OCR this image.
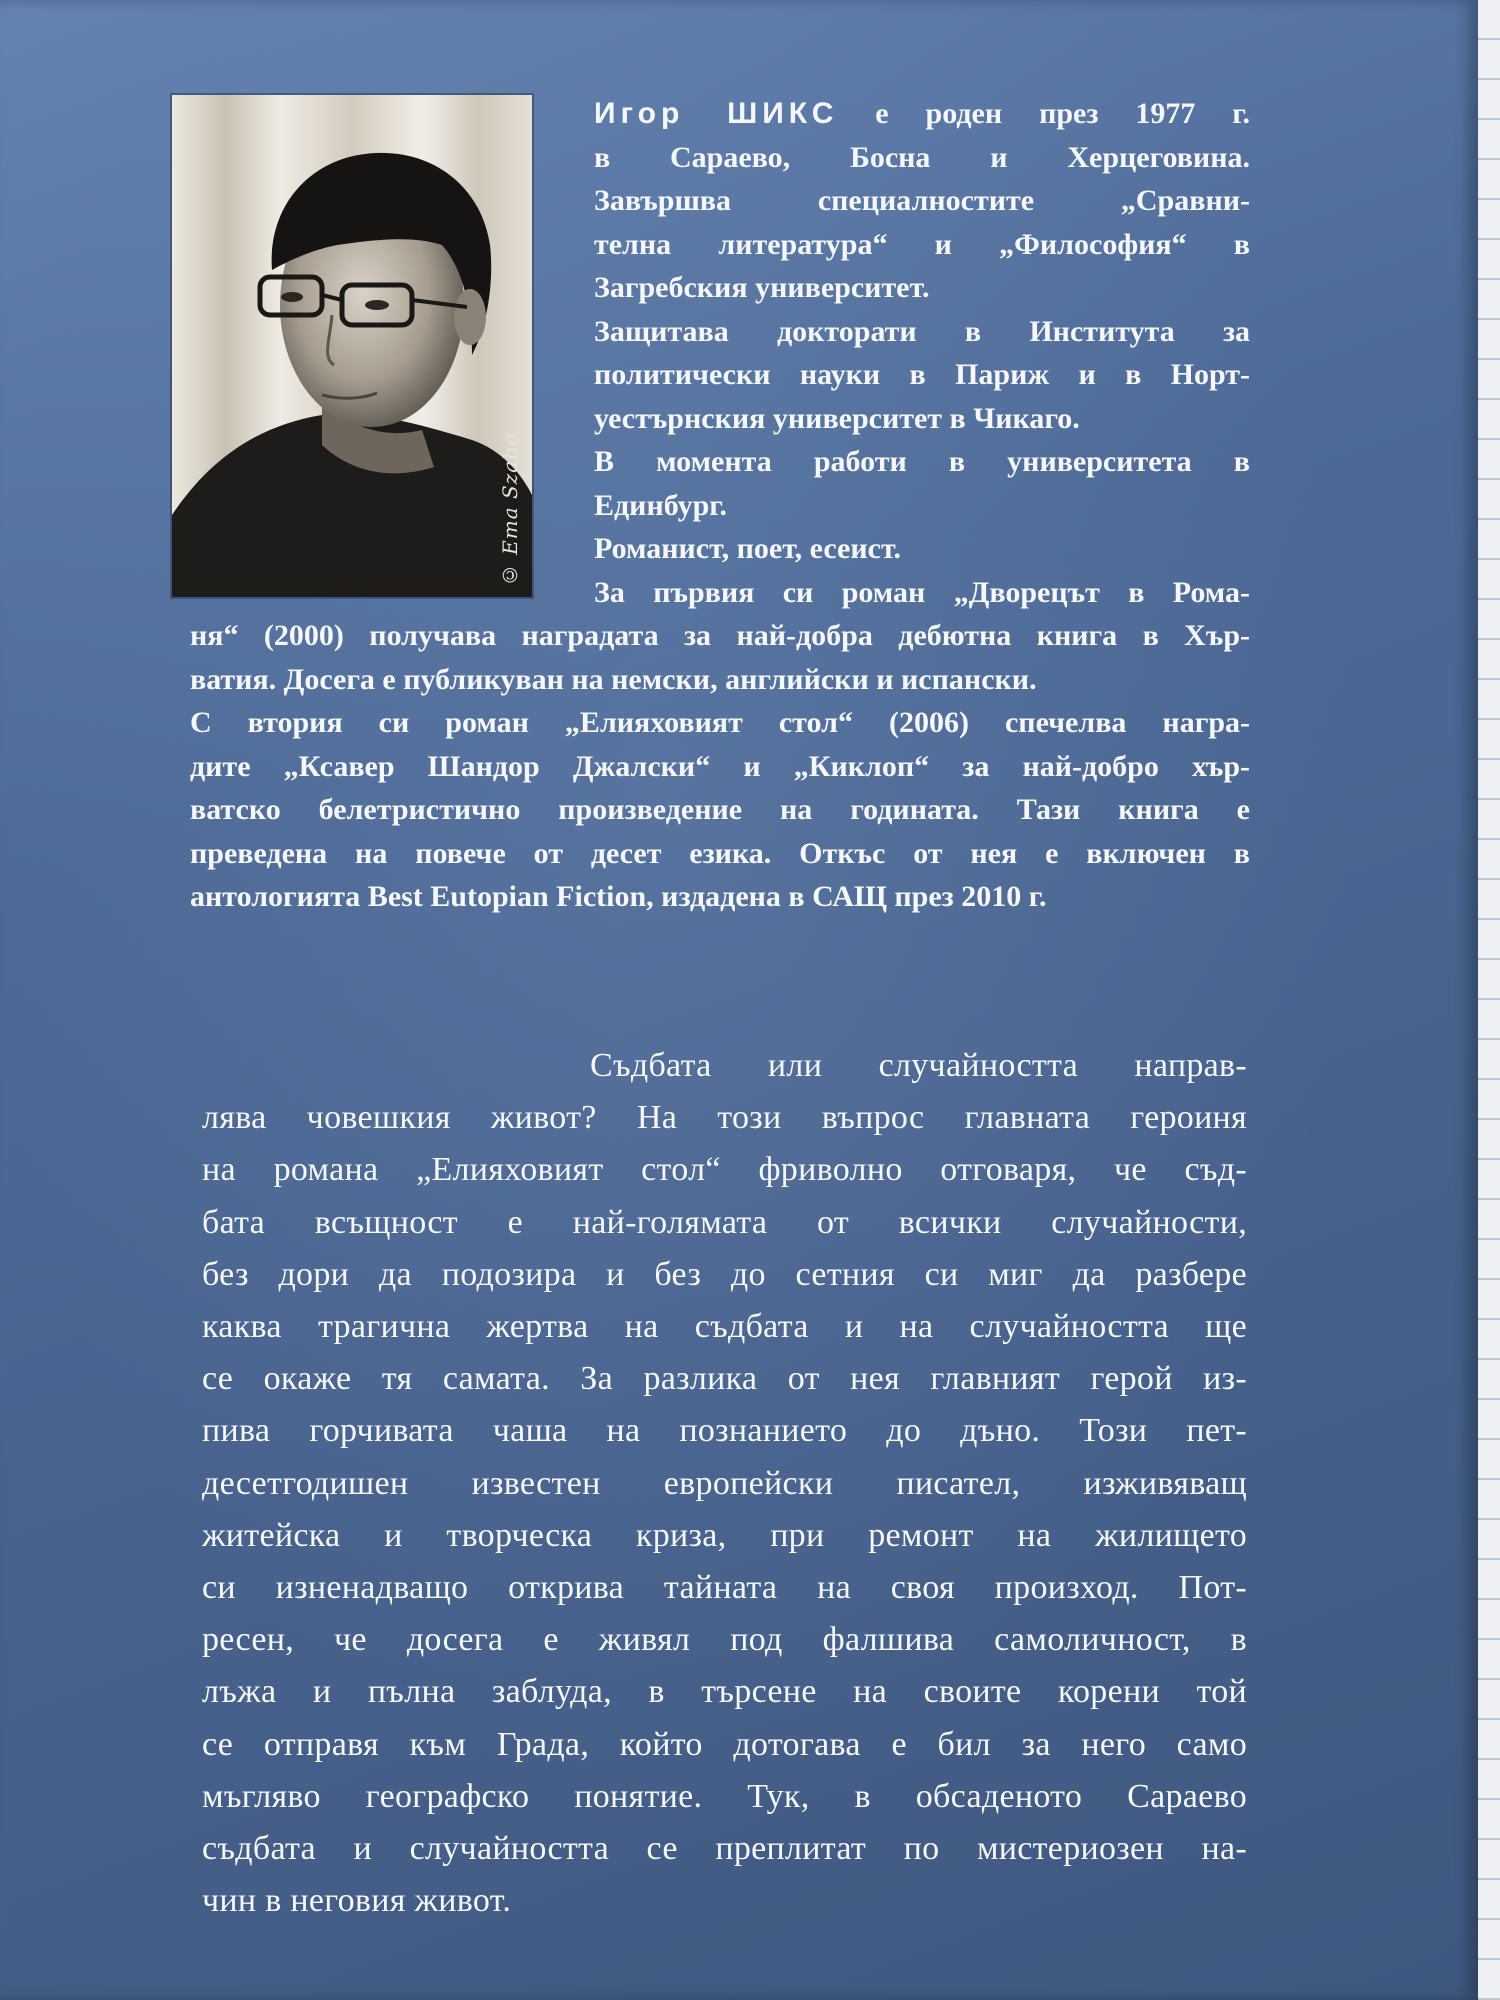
© Ema Szabo
Игор ШИКС е роден през 1977 г.
в Сараево, Босна и Херцеговина.
Завършва специалностите „Сравни-
телна литература“ и „Философия“ в
Загребския университет.
Защитава докторати в Института за
политически науки в Париж и в Норт-
уестърнския университет в Чикаго.
В момента работи в университета в
Единбург.
Романист, поет, есеист.
За първия си роман „Дворецът в Рома-
ня“ (2000) получава наградата за най-добра дебютна книга в Хър-
ватия. Досега е публикуван на немски, английски и испански.
С втория си роман „Елияховият стол“ (2006) спечелва награ-
дите „Ксавер Шандор Джалски“ и „Киклоп“ за най-добро хър-
ватско белетристично произведение на годината. Тази книга е
преведена на повече от десет езика. Откъс от нея е включен в
антологията Best Eutopian Fiction, издадена в САЩ през 2010 г.
Съдбата или случайността направ-
лява човешкия живот? На този въпрос главната героиня
на романа „Елияховият стол“ фриволно отговаря, че съд-
бата всъщност е най-голямата от всички случайности,
без дори да подозира и без до сетния си миг да разбере
каква трагична жертва на съдбата и на случайността ще
се окаже тя самата. За разлика от нея главният герой из-
пива горчивата чаша на познанието до дъно. Този пет-
десетгодишен известен европейски писател, изживяващ
житейска и творческа криза, при ремонт на жилището
си изненадващо открива тайната на своя произход. Пот-
ресен, че досега е живял под фалшива самоличност, в
лъжа и пълна заблуда, в търсене на своите корени той
се отправя към Града, който дотогава е бил за него само
мъгляво географско понятие. Тук, в обсаденото Сараево
съдбата и случайността се преплитат по мистериозен на-
чин в неговия живот.
